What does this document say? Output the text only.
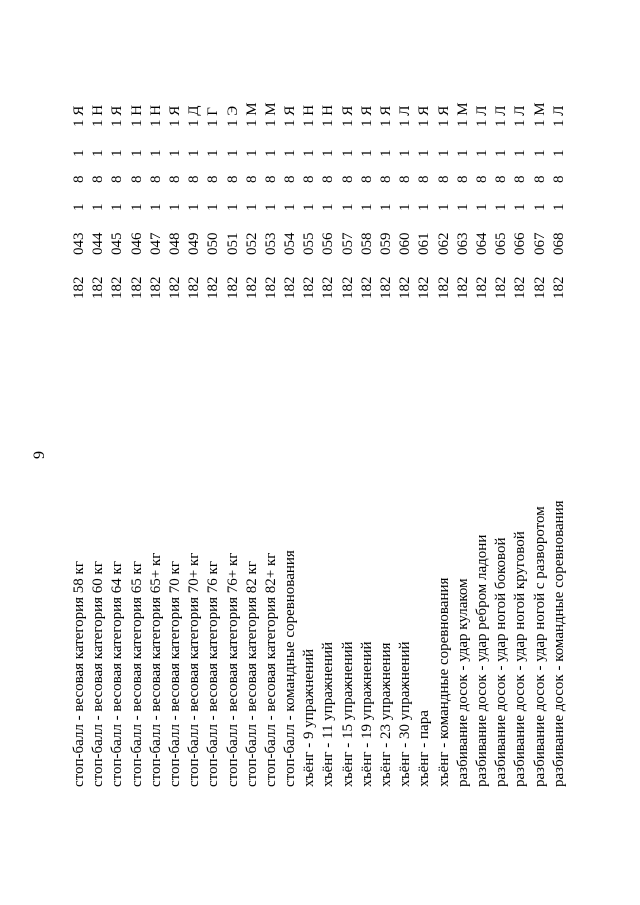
9
стоп-балл - весовая категория 58 кг
182
043
1
8
1
1 Я
стоп-балл - весовая категория 60 кг
182
044
1
8
1
1 Н
стоп-балл - весовая категория 64 кг
182
045
1
8
1
1 Я
стоп-балл - весовая категория 65 кг
182
046
1
8
1
1 Н
стоп-балл - весовая категория 65+ кг
182
047
1
8
1
1 Н
стоп-балл - весовая категория 70 кг
182
048
1
8
1
1 Я
стоп-балл - весовая категория 70+ кг
182
049
1
8
1
1 Д
стоп-балл - весовая категория 76 кг
182
050
1
8
1
1 Г
стоп-балл - весовая категория 76+ кг
182
051
1
8
1
1 Э
стоп-балл - весовая категория 82 кг
182
052
1
8
1
1 М
стоп-балл - весовая категория 82+ кг
182
053
1
8
1
1 М
стоп-балл - командные соревнования
182
054
1
8
1
1 Я
хъёнг - 9 упражнений
182
055
1
8
1
1 Н
хъёнг - 11 упражнений
182
056
1
8
1
1 Н
хъёнг - 15 упражнений
182
057
1
8
1
1 Я
хъёнг - 19 упражнений
182
058
1
8
1
1 Я
хъёнг - 23 упражнения
182
059
1
8
1
1 Я
хъёнг - 30 упражнений
182
060
1
8
1
1 Л
хъёнг - пара
182
061
1
8
1
1 Я
хъёнг - командные соревнования
182
062
1
8
1
1 Я
разбивание досок - удар кулаком
182
063
1
8
1
1 М
разбивание досок - удар ребром ладони
182
064
1
8
1
1 Л
разбивание досок - удар ногой боковой
182
065
1
8
1
1 Л
разбивание досок - удар ногой круговой
182
066
1
8
1
1 Л
разбивание досок - удар ногой с разворотом
182
067
1
8
1
1 М
разбивание досок - командные соревнования
182
068
1
8
1
1 Л
